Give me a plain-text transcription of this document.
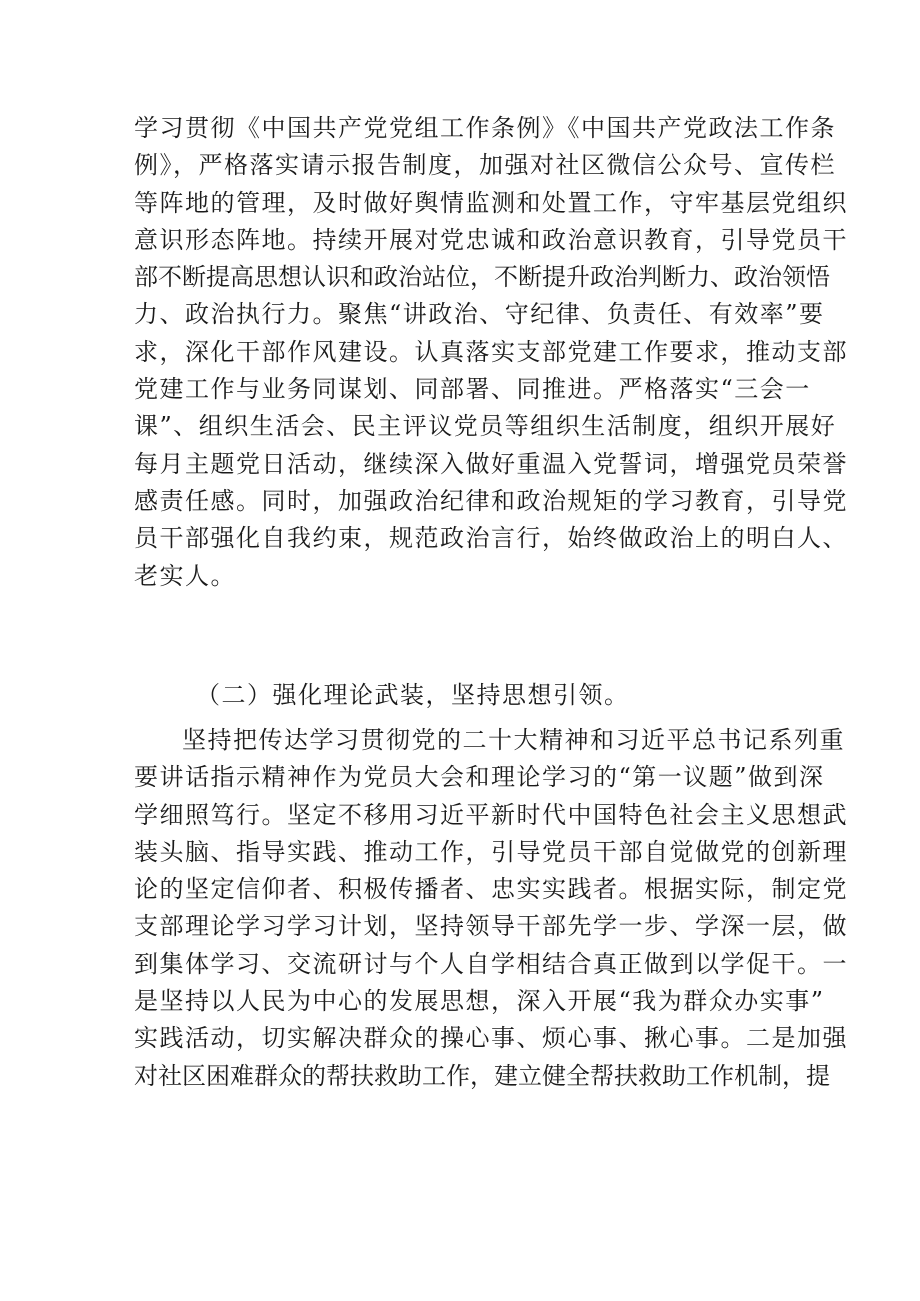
学习贯彻《中国共产党党组工作条例》《中国共产党政法工作条
例》，严格落实请示报告制度，加强对社区微信公众号、宣传栏
等阵地的管理，及时做好舆情监测和处置工作，守牢基层党组织
意识形态阵地。持续开展对党忠诚和政治意识教育，引导党员干
部不断提高思想认识和政治站位，不断提升政治判断力、政治领悟
力、政治执行力。聚焦“讲政治、守纪律、负责任、有效率”要
求，深化干部作风建设。认真落实支部党建工作要求，推动支部
党建工作与业务同谋划、同部署、同推进。严格落实“三会一
课”、组织生活会、民主评议党员等组织生活制度，组织开展好
每月主题党日活动，继续深入做好重温入党誓词，增强党员荣誉
感责任感。同时，加强政治纪律和政治规矩的学习教育，引导党
员干部强化自我约束，规范政治言行，始终做政治上的明白人、
老实人。
（二）强化理论武装，坚持思想引领。
坚持把传达学习贯彻党的二十大精神和习近平总书记系列重
要讲话指示精神作为党员大会和理论学习的“第一议题”做到深
学细照笃行。坚定不移用习近平新时代中国特色社会主义思想武
装头脑、指导实践、推动工作，引导党员干部自觉做党的创新理
论的坚定信仰者、积极传播者、忠实实践者。根据实际，制定党
支部理论学习学习计划，坚持领导干部先学一步、学深一层，做
到集体学习、交流研讨与个人自学相结合真正做到以学促干。一
是坚持以人民为中心的发展思想，深入开展“我为群众办实事”
实践活动，切实解决群众的操心事、烦心事、揪心事。二是加强
对社区困难群众的帮扶救助工作，建立健全帮扶救助工作机制，提
